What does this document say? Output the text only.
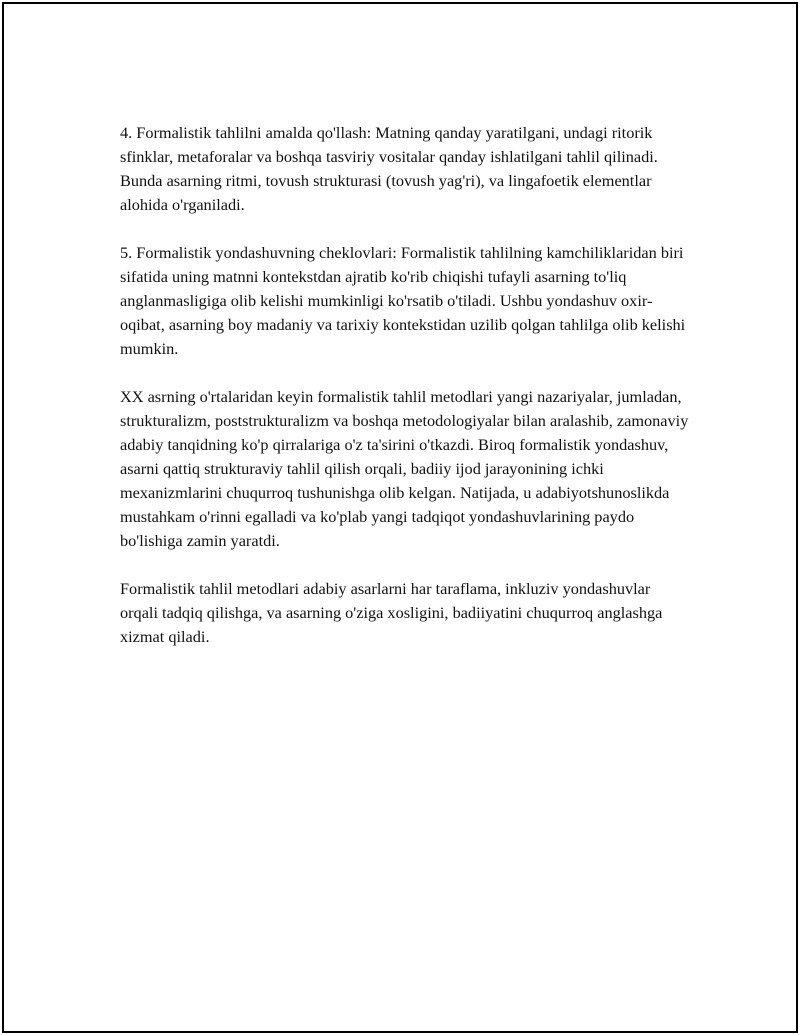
4. Formalistik tahlilni amalda qo'llash: Matning qanday yaratilgani, undagi ritorik sfinklar, metaforalar va boshqa tasviriy vositalar qanday ishlatilgani tahlil qilinadi. Bunda asarning ritmi, tovush strukturasi (tovush yag'ri), va lingafoetik elementlar alohida o'rganiladi.

5. Formalistik yondashuvning cheklovlari: Formalistik tahlilning kamchiliklaridan biri sifatida uning matnni kontekstdan ajratib ko'rib chiqishi tufayli asarning to'liq anglanmasligiga olib kelishi mumkinligi ko'rsatib o'tiladi. Ushbu yondashuv oxir-oqibat, asarning boy madaniy va tarixiy kontekstidan uzilib qolgan tahlilga olib kelishi mumkin.

XX asrning o'rtalaridan keyin formalistik tahlil metodlari yangi nazariyalar, jumladan, strukturalizm, poststrukturalizm va boshqa metodologiyalar bilan aralashib, zamonaviy adabiy tanqidning ko'p qirralariga o'z ta'sirini o'tkazdi. Biroq formalistik yondashuv, asarni qattiq strukturaviy tahlil qilish orqali, badiiy ijod jarayonining ichki mexanizmlarini chuqurroq tushunishga olib kelgan. Natijada, u adabiyotshunoslikda mustahkam o'rinni egalladi va ko'plab yangi tadqiqot yondashuvlarining paydo bo'lishiga zamin yaratdi.

Formalistik tahlil metodlari adabiy asarlarni har taraflama, inkluziv yondashuvlar orqali tadqiq qilishga, va asarning o'ziga xosligini, badiiyatini chuqurroq anglashga xizmat qiladi.
